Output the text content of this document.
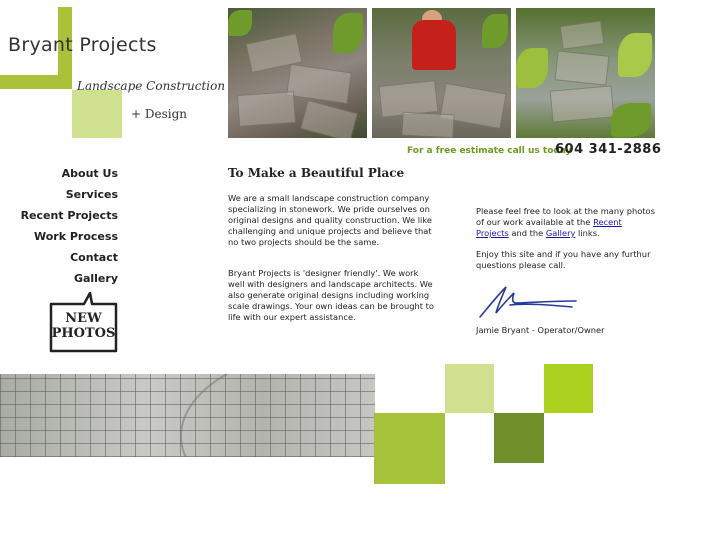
Bryant Projects
Landscape Construction
+ Design
For a free estimate call us today
604 341-2886
About Us
Services
Recent Projects
Work Process
Contact
Gallery
NEW
PHOTOS
To Make a Beautiful Place

We are a small landscape construction company specializing in stonework. We pride ourselves on original designs and quality construction. We like challenging and unique projects and believe that no two projects should be the same.

Bryant Projects is 'designer friendly'. We work well with designers and landscape architects. We also generate original designs including working scale drawings. Your own ideas can be brought to life with our expert assistance.

Please feel free to look at the many photos of our work available at the Recent Projects and the Gallery links.

Enjoy this site and if you have any furthur questions please call.

Jamie Bryant - Operator/Owner
